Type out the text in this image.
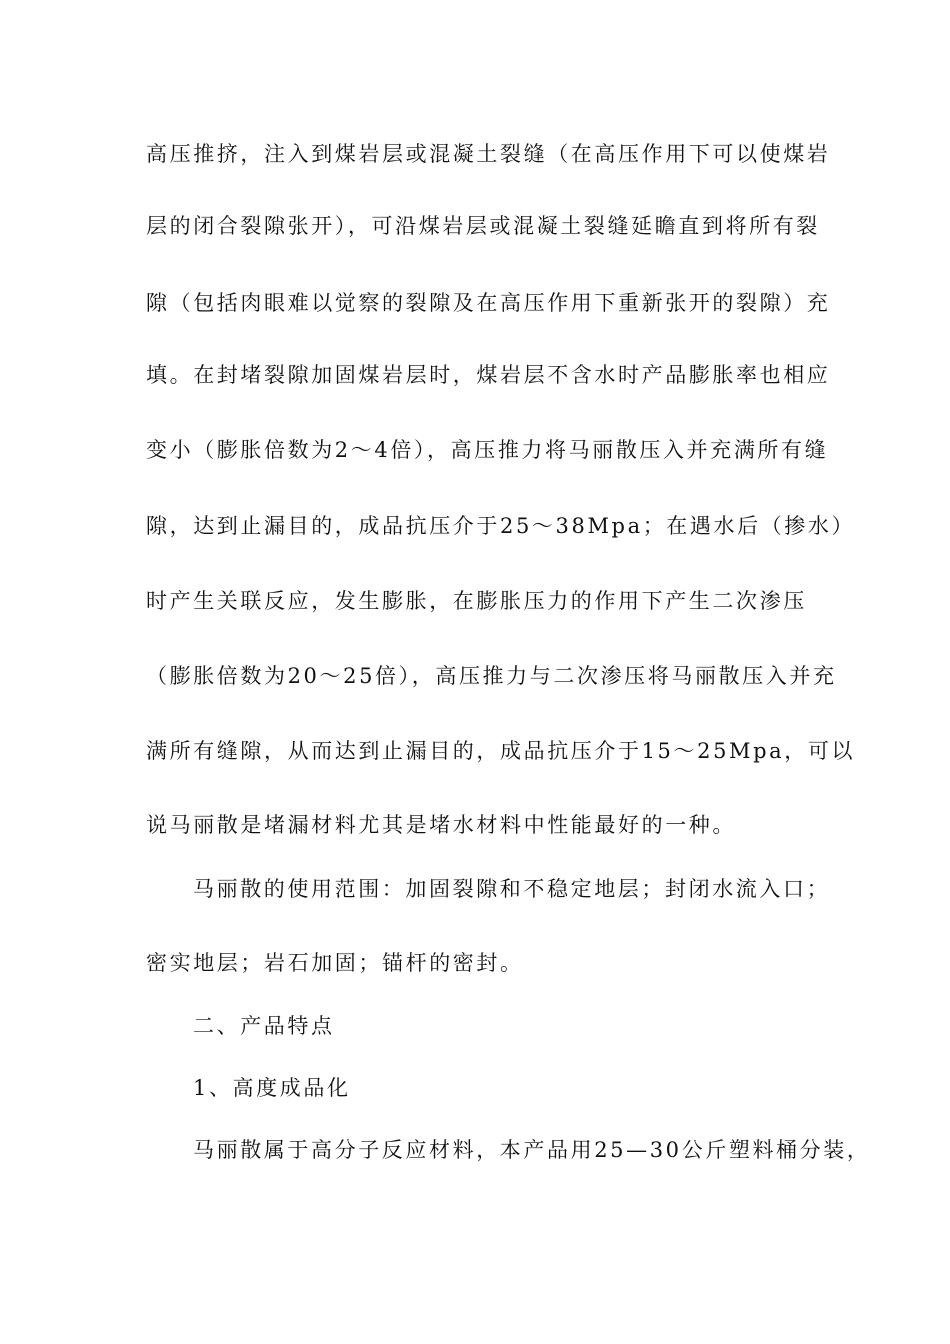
高压推挤，注入到煤岩层或混凝土裂缝（在高压作用下可以使煤岩
层的闭合裂隙张开），可沿煤岩层或混凝土裂缝延瞻直到将所有裂
隙（包括肉眼难以觉察的裂隙及在高压作用下重新张开的裂隙）充
填。在封堵裂隙加固煤岩层时，煤岩层不含水时产品膨胀率也相应
变小（膨胀倍数为2～4倍），高压推力将马丽散压入并充满所有缝
隙，达到止漏目的，成品抗压介于25～38Mpa；在遇水后（掺水）
时产生关联反应，发生膨胀，在膨胀压力的作用下产生二次渗压
（膨胀倍数为20～25倍），高压推力与二次渗压将马丽散压入并充
满所有缝隙，从而达到止漏目的，成品抗压介于15～25Mpa，可以
说马丽散是堵漏材料尤其是堵水材料中性能最好的一种。
马丽散的使用范围：加固裂隙和不稳定地层；封闭水流入口；
密实地层；岩石加固；锚杆的密封。
二、产品特点
1、高度成品化
马丽散属于高分子反应材料，本产品用25—30公斤塑料桶分装，
